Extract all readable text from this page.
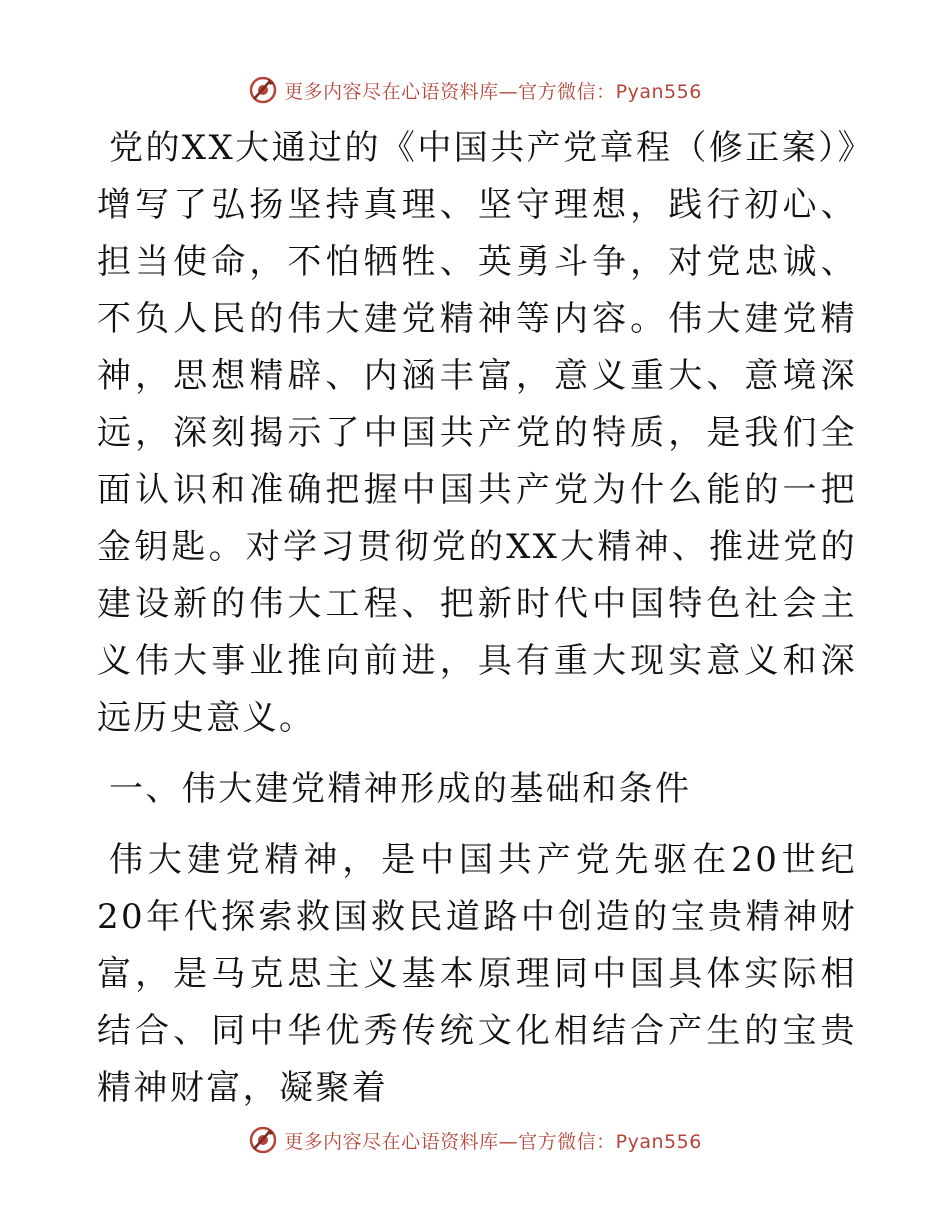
更多内容尽在心语资料库—官方微信：Pyan556

党的XX大通过的《中国共产党章程（修正案）》增写了弘扬坚持真理、坚守理想，践行初心、担当使命，不怕牺牲、英勇斗争，对党忠诚、不负人民的伟大建党精神等内容。伟大建党精神，思想精辟、内涵丰富，意义重大、意境深远，深刻揭示了中国共产党的特质，是我们全面认识和准确把握中国共产党为什么能的一把金钥匙。对学习贯彻党的XX大精神、推进党的建设新的伟大工程、把新时代中国特色社会主义伟大事业推向前进，具有重大现实意义和深远历史意义。

一、伟大建党精神形成的基础和条件

伟大建党精神，是中国共产党先驱在20世纪20年代探索救国救民道路中创造的宝贵精神财富，是马克思主义基本原理同中国具体实际相结合、同中华优秀传统文化相结合产生的宝贵精神财富，凝聚着

更多内容尽在心语资料库—官方微信：Pyan556
